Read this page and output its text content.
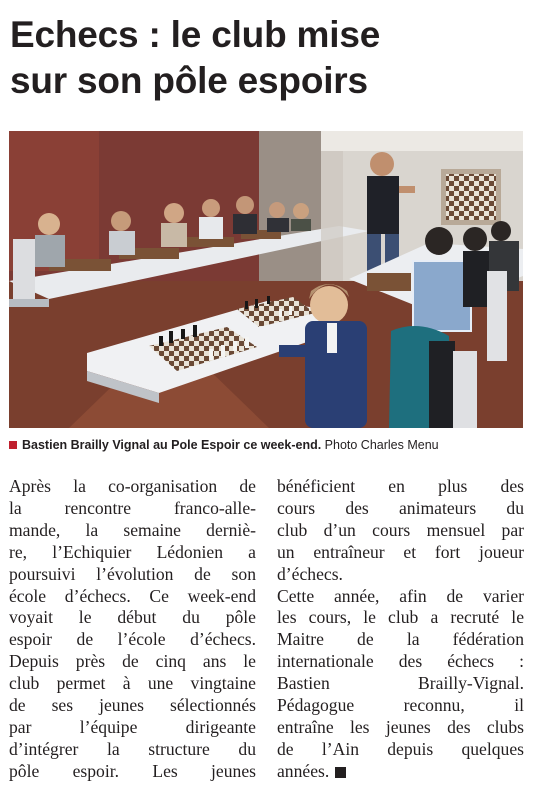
Echecs : le club mise
sur son pôle espoirs
Bastien Brailly Vignal au Pole Espoir ce week-end. Photo Charles Menu
Après la co-organisation de
la rencontre franco-alle-
mande, la semaine derniè-
re, l’Echiquier Lédonien a
poursuivi l’évolution de son
école d’échecs. Ce week-end
voyait le début du pôle
espoir de l’école d’échecs.
Depuis près de cinq ans le
club permet à une vingtaine
de ses jeunes sélectionnés
par l’équipe dirigeante
d’intégrer la structure du
pôle espoir. Les jeunes
bénéficient en plus des
cours des animateurs du
club d’un cours mensuel par
un entraîneur et fort joueur
d’échecs.
Cette année, afin de varier
les cours, le club a recruté le
Maitre de la fédération
internationale des échecs :
Bastien Brailly-Vignal.
Pédagogue reconnu, il
entraîne les jeunes des clubs
de l’Ain depuis quelques
années.
